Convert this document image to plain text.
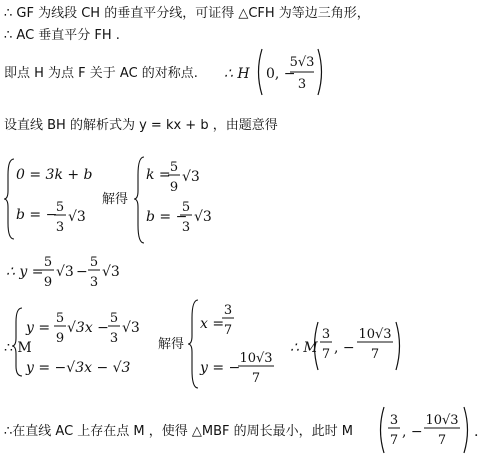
∴ GF 为线段 CH 的垂直平分线，可证得 △CFH 为等边三角形，
∴ AC 垂直平分 FH .
即点 H 为点 F 关于 AC 的对称点. ∴ H 0, −
5√3
3
设直线 BH 的解析式为 y = kx + b ，由题意得
0 = 3k + b
b = −
5
3
√3
解得
k = 5
9
√3
b = −
5
3
√3
∴ y =
5
9
√3 −
5
3
√3
∴ M
y =
5
9
√3x −
5
3
√3
y = −√3x − √3
解得
x =
3
7
y = −
10√3
7
∴ M
3
7 , −
10√3
7
∴在直线 AC 上存在点 M ，使得 △MBF 的周长最小，此时 M
3
7
, −
10√3
7
.
